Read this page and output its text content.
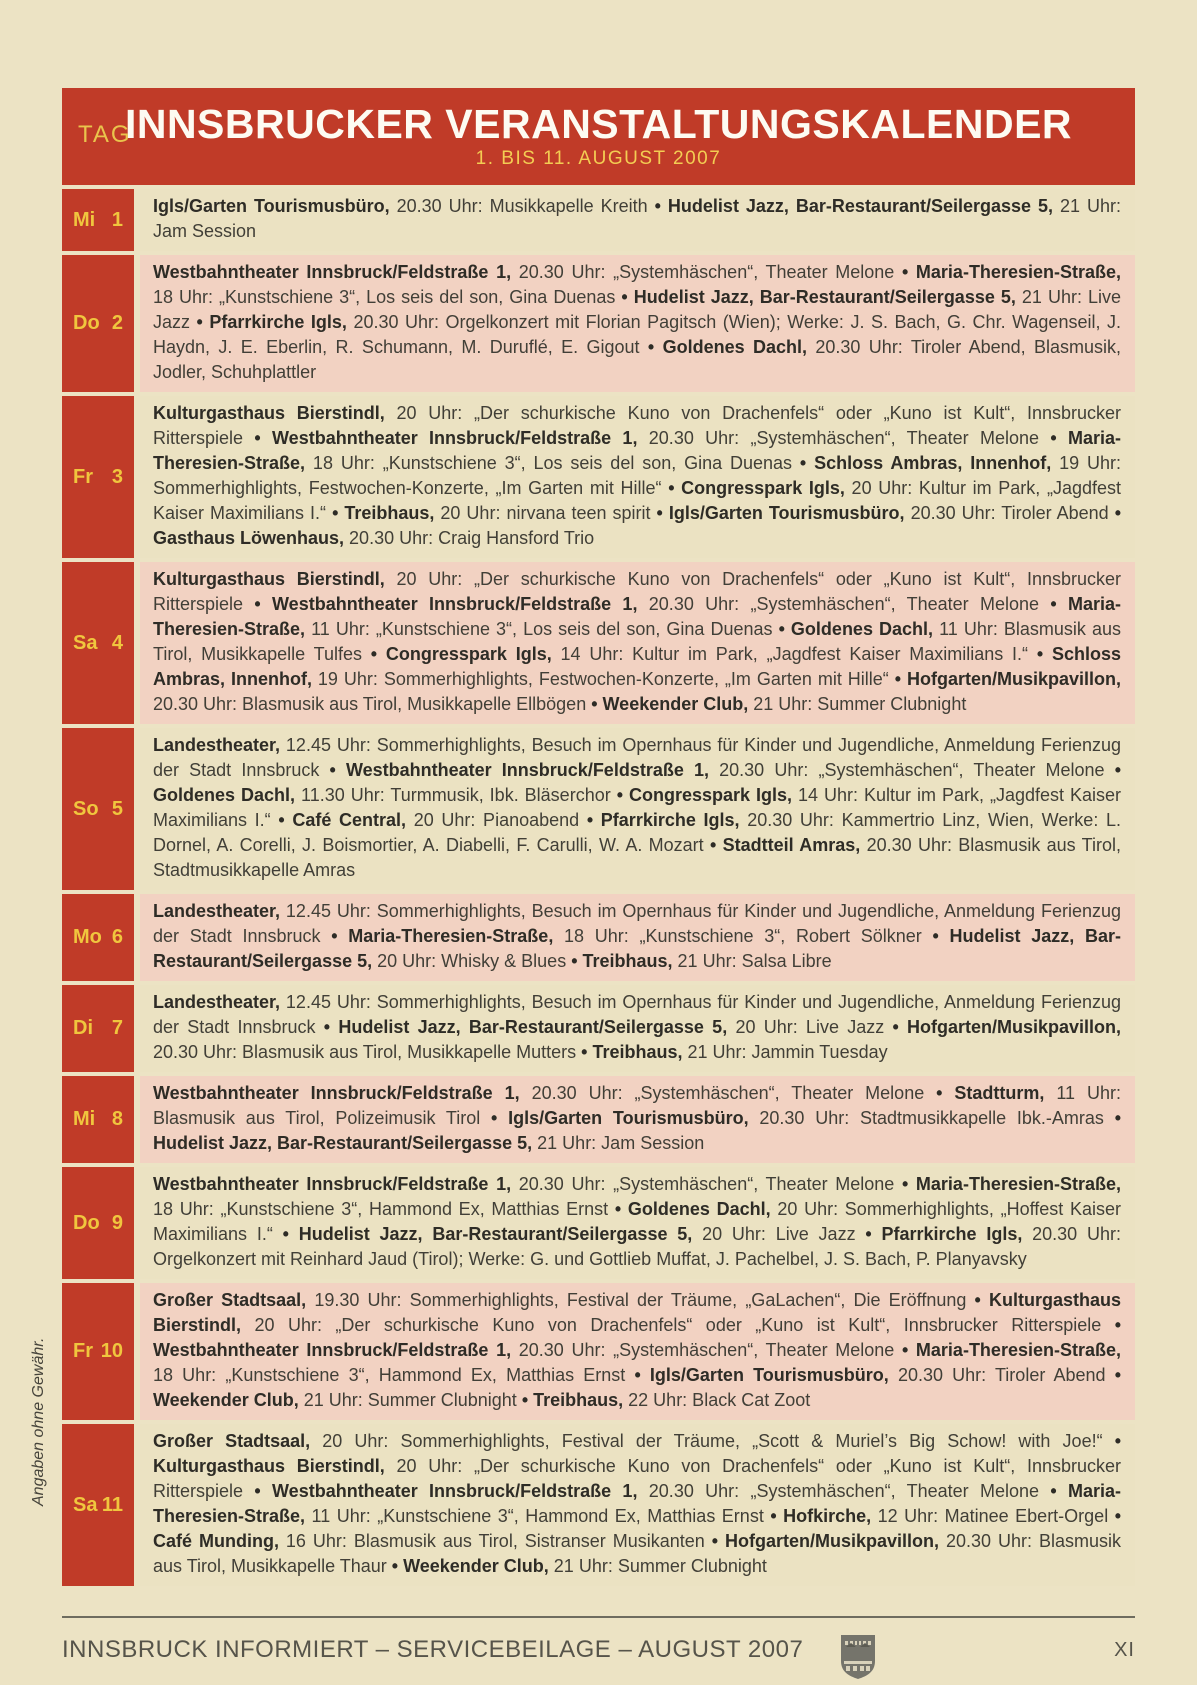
TAG
INNSBRUCKER VERANSTALTUNGSKALENDER
1. BIS 11. AUGUST 2007
Mi 1
Igls/Garten Tourismusbüro, 20.30 Uhr: Musikkapelle Kreith • Hudelist Jazz, Bar-Restaurant/Seilergasse 5, 21 Uhr: Jam Session
Do 2
Westbahntheater Innsbruck/Feldstraße 1, 20.30 Uhr: „Systemhäschen“, Theater Melone • Maria-Theresien-Straße, 18 Uhr: „Kunstschiene 3“, Los seis del son, Gina Duenas • Hudelist Jazz, Bar-Restaurant/Seilergasse 5, 21 Uhr: Live Jazz • Pfarrkirche Igls, 20.30 Uhr: Orgelkonzert mit Florian Pagitsch (Wien); Werke: J. S. Bach, G. Chr. Wagenseil, J. Haydn, J. E. Eberlin, R. Schumann, M. Duruflé, E. Gigout • Goldenes Dachl, 20.30 Uhr: Tiroler Abend, Blasmusik, Jodler, Schuhplattler
Fr 3
Kulturgasthaus Bierstindl, 20 Uhr: „Der schurkische Kuno von Drachenfels“ oder „Kuno ist Kult“, Innsbrucker Ritterspiele • Westbahntheater Innsbruck/Feldstraße 1, 20.30 Uhr: „Systemhäschen“, Theater Melone • Maria-Theresien-Straße, 18 Uhr: „Kunstschiene 3“, Los seis del son, Gina Duenas • Schloss Ambras, Innenhof, 19 Uhr: Sommerhighlights, Festwochen-Konzerte, „Im Garten mit Hille“ • Congresspark Igls, 20 Uhr: Kultur im Park, „Jagdfest Kaiser Maximilians I.“ • Treibhaus, 20 Uhr: nirvana teen spirit • Igls/Garten Tourismusbüro, 20.30 Uhr: Tiroler Abend • Gasthaus Löwenhaus, 20.30 Uhr: Craig Hansford Trio
Sa 4
Kulturgasthaus Bierstindl, 20 Uhr: „Der schurkische Kuno von Drachenfels“ oder „Kuno ist Kult“, Innsbrucker Ritterspiele • Westbahntheater Innsbruck/Feldstraße 1, 20.30 Uhr: „Systemhäschen“, Theater Melone • Maria-Theresien-Straße, 11 Uhr: „Kunstschiene 3“, Los seis del son, Gina Duenas • Goldenes Dachl, 11 Uhr: Blasmusik aus Tirol, Musikkapelle Tulfes • Congresspark Igls, 14 Uhr: Kultur im Park, „Jagdfest Kaiser Maximilians I.“ • Schloss Ambras, Innenhof, 19 Uhr: Sommerhighlights, Festwochen-Konzerte, „Im Garten mit Hille“ • Hofgarten/Musikpavillon, 20.30 Uhr: Blasmusik aus Tirol, Musikkapelle Ellbögen • Weekender Club, 21 Uhr: Summer Clubnight
So 5
Landestheater, 12.45 Uhr: Sommerhighlights, Besuch im Opernhaus für Kinder und Jugendliche, Anmeldung Ferienzug der Stadt Innsbruck • Westbahntheater Innsbruck/Feldstraße 1, 20.30 Uhr: „Systemhäschen“, Theater Melone • Goldenes Dachl, 11.30 Uhr: Turmmusik, Ibk. Bläserchor • Congresspark Igls, 14 Uhr: Kultur im Park, „Jagdfest Kaiser Maximilians I.“ • Café Central, 20 Uhr: Pianoabend • Pfarrkirche Igls, 20.30 Uhr: Kammertrio Linz, Wien, Werke: L. Dornel, A. Corelli, J. Boismortier, A. Diabelli, F. Carulli, W. A. Mozart • Stadtteil Amras, 20.30 Uhr: Blasmusik aus Tirol, Stadtmusikkapelle Amras
Mo 6
Landestheater, 12.45 Uhr: Sommerhighlights, Besuch im Opernhaus für Kinder und Jugendliche, Anmeldung Ferienzug der Stadt Innsbruck • Maria-Theresien-Straße, 18 Uhr: „Kunstschiene 3“, Robert Sölkner • Hudelist Jazz, Bar-Restaurant/Seilergasse 5, 20 Uhr: Whisky & Blues • Treibhaus, 21 Uhr: Salsa Libre
Di 7
Landestheater, 12.45 Uhr: Sommerhighlights, Besuch im Opernhaus für Kinder und Jugendliche, Anmeldung Ferienzug der Stadt Innsbruck • Hudelist Jazz, Bar-Restaurant/Seilergasse 5, 20 Uhr: Live Jazz • Hofgarten/Musikpavillon, 20.30 Uhr: Blasmusik aus Tirol, Musikkapelle Mutters • Treibhaus, 21 Uhr: Jammin Tuesday
Mi 8
Westbahntheater Innsbruck/Feldstraße 1, 20.30 Uhr: „Systemhäschen“, Theater Melone • Stadtturm, 11 Uhr: Blasmusik aus Tirol, Polizeimusik Tirol • Igls/Garten Tourismusbüro, 20.30 Uhr: Stadtmusikkapelle Ibk.-Amras • Hudelist Jazz, Bar-Restaurant/Seilergasse 5, 21 Uhr: Jam Session
Do 9
Westbahntheater Innsbruck/Feldstraße 1, 20.30 Uhr: „Systemhäschen“, Theater Melone • Maria-Theresien-Straße, 18 Uhr: „Kunstschiene 3“, Hammond Ex, Matthias Ernst • Goldenes Dachl, 20 Uhr: Sommerhighlights, „Hoffest Kaiser Maximilians I.“ • Hudelist Jazz, Bar-Restaurant/Seilergasse 5, 20 Uhr: Live Jazz • Pfarrkirche Igls, 20.30 Uhr: Orgelkonzert mit Reinhard Jaud (Tirol); Werke: G. und Gottlieb Muffat, J. Pachelbel, J. S. Bach, P. Planyavsky
Fr 10
Großer Stadtsaal, 19.30 Uhr: Sommerhighlights, Festival der Träume, „GaLachen“, Die Eröffnung • Kulturgasthaus Bierstindl, 20 Uhr: „Der schurkische Kuno von Drachenfels“ oder „Kuno ist Kult“, Innsbrucker Ritterspiele • Westbahntheater Innsbruck/Feldstraße 1, 20.30 Uhr: „Systemhäschen“, Theater Melone • Maria-Theresien-Straße, 18 Uhr: „Kunstschiene 3“, Hammond Ex, Matthias Ernst • Igls/Garten Tourismusbüro, 20.30 Uhr: Tiroler Abend • Weekender Club, 21 Uhr: Summer Clubnight • Treibhaus, 22 Uhr: Black Cat Zoot
Sa 11
Großer Stadtsaal, 20 Uhr: Sommerhighlights, Festival der Träume, „Scott & Muriel’s Big Schow! with Joe!“ • Kulturgasthaus Bierstindl, 20 Uhr: „Der schurkische Kuno von Drachenfels“ oder „Kuno ist Kult“, Innsbrucker Ritterspiele • Westbahntheater Innsbruck/Feldstraße 1, 20.30 Uhr: „Systemhäschen“, Theater Melone • Maria-Theresien-Straße, 11 Uhr: „Kunstschiene 3“, Hammond Ex, Matthias Ernst • Hofkirche, 12 Uhr: Matinee Ebert-Orgel • Café Munding, 16 Uhr: Blasmusik aus Tirol, Sistranser Musikanten • Hofgarten/Musikpavillon, 20.30 Uhr: Blasmusik aus Tirol, Musikkapelle Thaur • Weekender Club, 21 Uhr: Summer Clubnight
INNSBRUCK INFORMIERT – SERVICEBEILAGE – AUGUST 2007	XI
Angaben ohne Gewähr.
